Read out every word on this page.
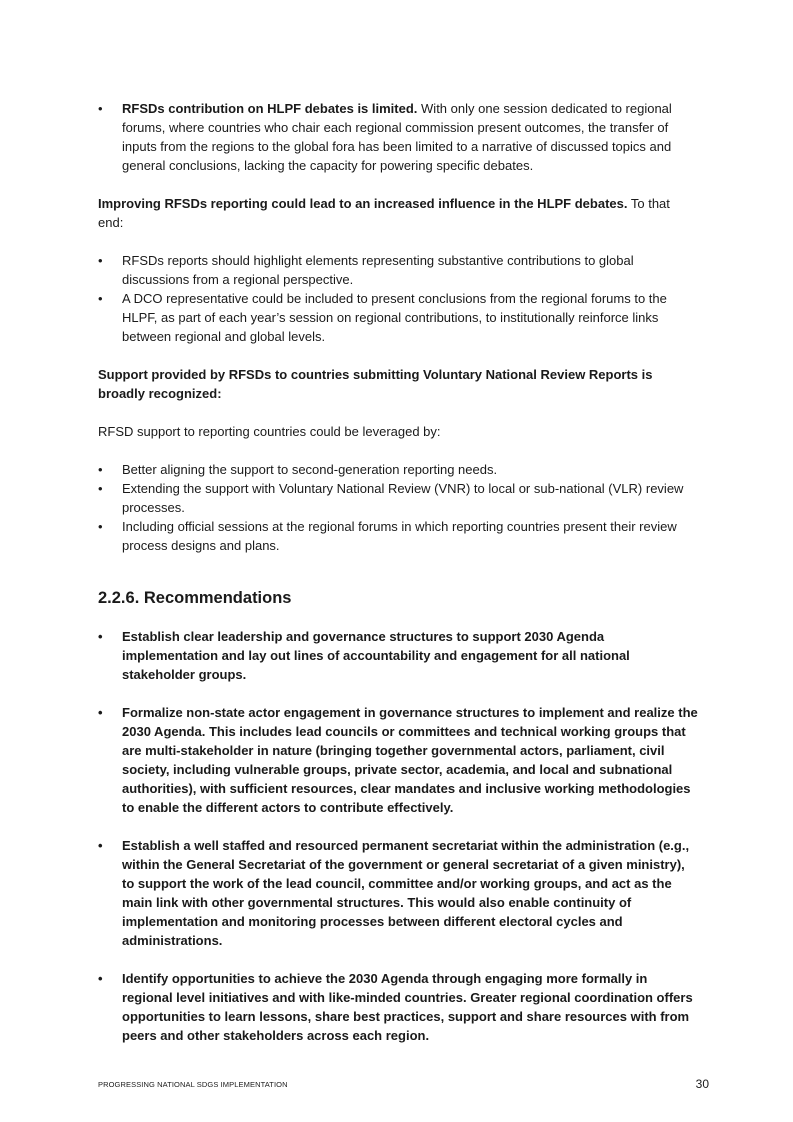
• RFSDs contribution on HLPF debates is limited. With only one session dedicated to regional forums, where countries who chair each regional commission present outcomes, the transfer of inputs from the regions to the global fora has been limited to a narrative of discussed topics and general conclusions, lacking the capacity for powering specific debates.

Improving RFSDs reporting could lead to an increased influence in the HLPF debates. To that end:

• RFSDs reports should highlight elements representing substantive contributions to global discussions from a regional perspective.
• A DCO representative could be included to present conclusions from the regional forums to the HLPF, as part of each year’s session on regional contributions, to institutionally reinforce links between regional and global levels.

Support provided by RFSDs to countries submitting Voluntary National Review Reports is broadly recognized:

RFSD support to reporting countries could be leveraged by:

• Better aligning the support to second-generation reporting needs.
• Extending the support with Voluntary National Review (VNR) to local or sub-national (VLR) review processes.
• Including official sessions at the regional forums in which reporting countries present their review process designs and plans.
2.2.6. Recommendations
• Establish clear leadership and governance structures to support 2030 Agenda implementation and lay out lines of accountability and engagement for all national stakeholder groups.
• Formalize non-state actor engagement in governance structures to implement and realize the 2030 Agenda. This includes lead councils or committees and technical working groups that are multi-stakeholder in nature (bringing together governmental actors, parliament, civil society, including vulnerable groups, private sector, academia, and local and subnational authorities), with sufficient resources, clear mandates and inclusive working methodologies to enable the different actors to contribute effectively.
• Establish a well staffed and resourced permanent secretariat within the administration (e.g., within the General Secretariat of the government or general secretariat of a given ministry), to support the work of the lead council, committee and/or working groups, and act as the main link with other governmental structures. This would also enable continuity of implementation and monitoring processes between different electoral cycles and administrations.
• Identify opportunities to achieve the 2030 Agenda through engaging more formally in regional level initiatives and with like-minded countries. Greater regional coordination offers opportunities to learn lessons, share best practices, support and share resources with from peers and other stakeholders across each region.
PROGRESSING NATIONAL SDGS IMPLEMENTATION	30
